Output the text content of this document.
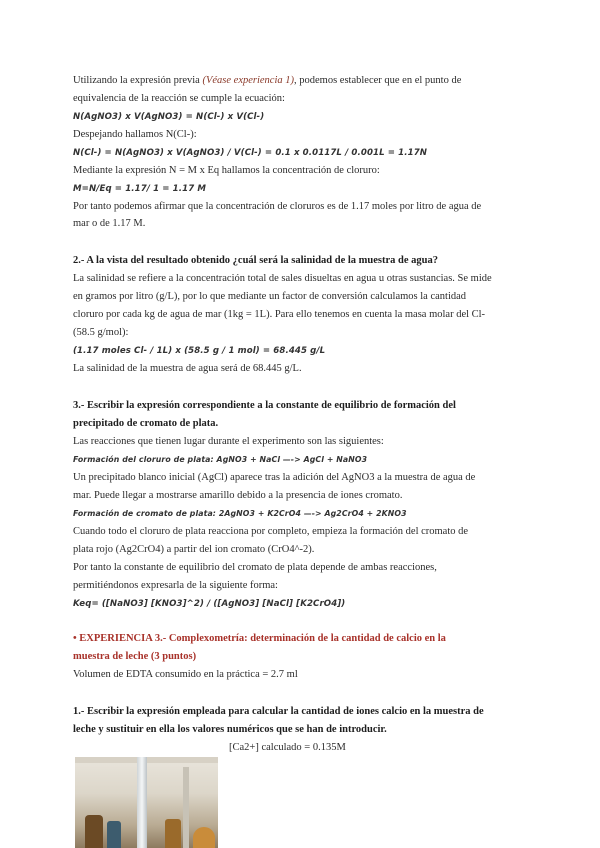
Utilizando la expresión previa (Véase experiencia 1), podemos establecer que en el punto de
equivalencia de la reacción se cumple la ecuación:
N(AgNO3) x V(AgNO3) = N(Cl-) x V(Cl-)
Despejando hallamos N(Cl-):
N(Cl-) = N(AgNO3) x V(AgNO3) / V(Cl-) = 0.1 x 0.0117L / 0.001L = 1.17N
Mediante la expresión N = M x Eq hallamos la concentración de cloruro:
M=N/Eq = 1.17/ 1 = 1.17 M
Por tanto podemos afirmar que la concentración de cloruros es de 1.17 moles por litro de agua de
mar o de 1.17 M.
2.- A la vista del resultado obtenido ¿cuál será la salinidad de la muestra de agua?
La salinidad se refiere a la concentración total de sales disueltas en agua u otras sustancias. Se mide
en gramos por litro (g/L), por lo que mediante un factor de conversión calculamos la cantidad
cloruro por cada kg de agua de mar (1kg = 1L). Para ello tenemos en cuenta la masa molar del Cl-
(58.5 g/mol):
(1.17 moles Cl- / 1L) x (58.5 g / 1 mol) = 68.445 g/L
La salinidad de la muestra de agua será de 68.445 g/L.
3.- Escribir la expresión correspondiente a la constante de equilibrio de formación del
precipitado de cromato de plata.
Las reacciones que tienen lugar durante el experimento son las siguientes:
Formación del cloruro de plata: AgNO3 + NaCl —-> AgCl + NaNO3
Un precipitado blanco inicial (AgCl) aparece tras la adición del AgNO3 a la muestra de agua de
mar. Puede llegar a mostrarse amarillo debido a la presencia de iones cromato.
Formación de cromato de plata: 2AgNO3 + K2CrO4 —-> Ag2CrO4 + 2KNO3
Cuando todo el cloruro de plata reacciona por completo, empieza la formación del cromato de
plata rojo (Ag2CrO4) a partir del ion cromato (CrO4^-2).
Por tanto la constante de equilibrio del cromato de plata depende de ambas reacciones,
permitiéndonos expresarla de la siguiente forma:
Keq= ([NaNO3] [KNO3]^2) / ([AgNO3] [NaCl] [K2CrO4])
• EXPERIENCIA 3.- Complexometría: determinación de la cantidad de calcio en la
muestra de leche (3 puntos)
Volumen de EDTA consumido en la práctica = 2.7 ml
1.- Escribir la expresión empleada para calcular la cantidad de iones calcio en la muestra de
leche y sustituir en ella los valores numéricos que se han de introducir.
[Ca2+] calculado = 0.135M
